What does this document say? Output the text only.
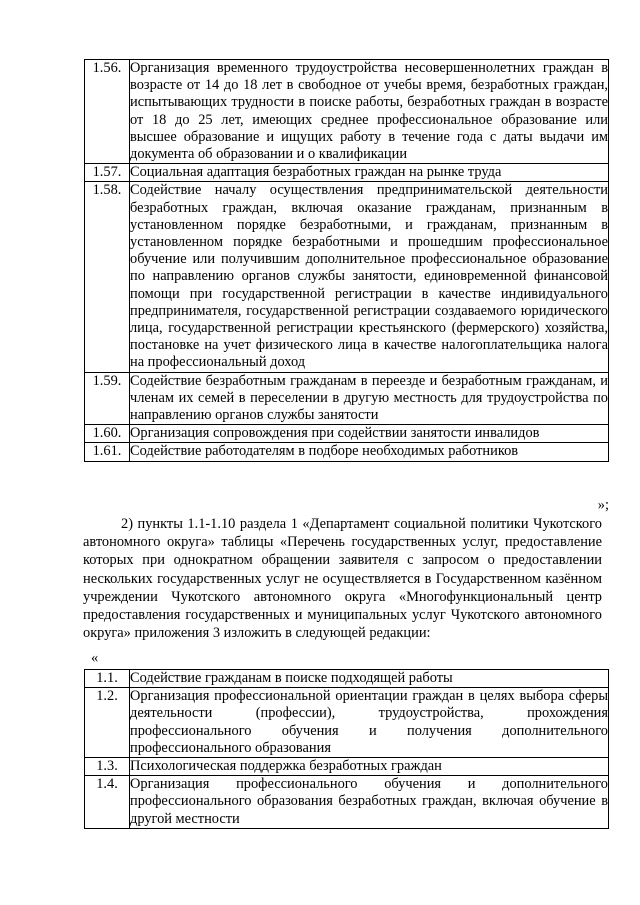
1.56.	Организация временного трудоустройства несовершеннолетних граждан в возрасте от 14 до 18 лет в свободное от учебы время, безработных граждан, испытывающих трудности в поиске работы, безработных граждан в возрасте от 18 до 25 лет, имеющих среднее профессиональное образование или высшее образование и ищущих работу в течение года с даты выдачи им документа об образовании и о квалификации
1.57.	Социальная адаптация безработных граждан на рынке труда
1.58.	Содействие началу осуществления предпринимательской деятельности безработных граждан, включая оказание гражданам, признанным в установленном порядке безработными, и гражданам, признанным в установленном порядке безработными и прошедшим профессиональное обучение или получившим дополнительное профессиональное образование по направлению органов службы занятости, единовременной финансовой помощи при государственной регистрации в качестве индивидуального предпринимателя, государственной регистрации создаваемого юридического лица, государственной регистрации крестьянского (фермерского) хозяйства, постановке на учет физического лица в качестве налогоплательщика налога на профессиональный доход
1.59.	Содействие безработным гражданам в переезде и безработным гражданам, и членам их семей в переселении в другую местность для трудоустройства по направлению органов службы занятости
1.60.	Организация сопровождения при содействии занятости инвалидов
1.61.	Содействие работодателям в подборе необходимых работников
»;
2) пункты 1.1-1.10 раздела 1 «Департамент социальной политики Чукотского автономного округа» таблицы «Перечень государственных услуг, предоставление которых при однократном обращении заявителя с запросом о предоставлении нескольких государственных услуг не осуществляется в Государственном казённом учреждении Чукотского автономного округа «Многофункциональный центр предоставления государственных и муниципальных услуг Чукотского автономного округа» приложения 3 изложить в следующей редакции:
«
1.1.	Содействие гражданам в поиске подходящей работы
1.2.	Организация профессиональной ориентации граждан в целях выбора сферы деятельности (профессии), трудоустройства, прохождения профессионального обучения и получения дополнительного профессионального образования
1.3.	Психологическая поддержка безработных граждан
1.4.	Организация профессионального обучения и дополнительного профессионального образования безработных граждан, включая обучение в другой местности
